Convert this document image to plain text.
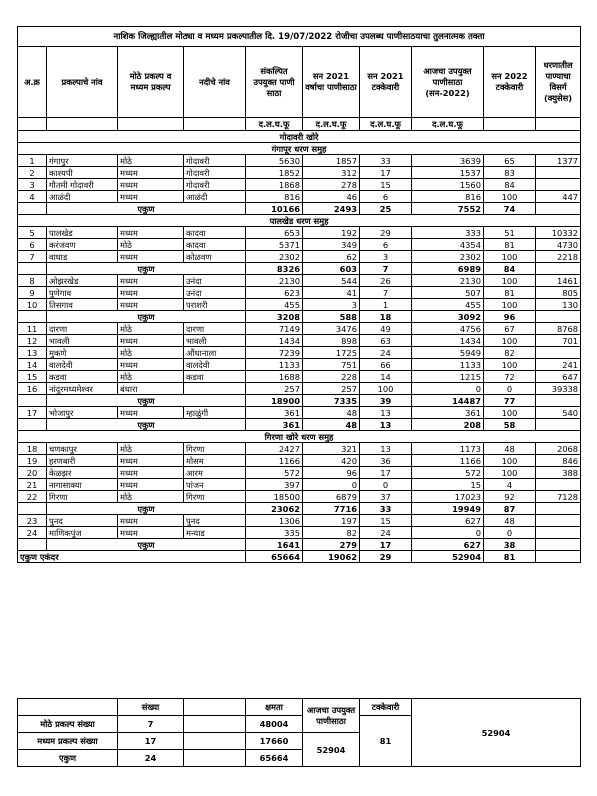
नाशिक जिल्ह्यातील मोठ्या व मध्यम प्रकल्पातील दि. 19/07/2022 रोजीचा उपलब्ध पाणीसाठयाचा तुलनात्मक तक्ता									
अ.क्र	प्रकल्पाचे नांव	मोठे प्रकल्प व मध्यम प्रकल्प	नदीचे नांव	संकल्पित उपयुक्त पाणी साठा	सन 2021 वर्षाचा पाणीसाठा	सन 2021 टक्केवारी	आजचा उपयुक्त पाणीसाठा (सन-2022)	सन 2022 टक्केवारी	धरणातील पाण्याचा विसर्ग (क्युसेस)
				द.ल.घ.फू	द.ल.घ.फू	द.ल.घ.फू	द.ल.घ.फू		
गोदावरी खोरे									
गंगापूर धरण समुह									
1	गंगापुर	मोठे	गोदावरी	5630	1857	33	3639	65	1377
2	काश्यपी	मध्यम	गोदावरी	1852	312	17	1537	83	
3	गौतमी गोदावरी	मध्यम	गोदावरी	1868	278	15	1560	84	
4	आळंदी	मध्यम	आळंदी	816	46	6	816	100	447
	एकुण			10166	2493	25	7552	74	
पालखेड धरण समुह									
5	पालखेड	मध्यम	कादवा	653	192	29	333	51	10332
6	करंजवण	मोठे	कादवा	5371	349	6	4354	81	4730
7	वाघाड	मध्यम	कोळवण	2302	62	3	2302	100	2218
	एकुण			8326	603	7	6989	84	
8	ओझरखेड	मध्यम	उनंदा	2130	544	26	2130	100	1461
9	पुणेगाव	मध्यम	उनंदा	623	41	7	507	81	805
10	तिसगाव	मध्यम	पराशरी	455	3	1	455	100	130
	एकुण			3208	588	18	3092	96	
11	दारणा	मोठे	दारणा	7149	3476	49	4756	67	8768
12	भावली	मध्यम	भावली	1434	898	63	1434	100	701
13	मुकणे	मोठे	औंधानाला	7239	1725	24	5949	82	
14	वालदेवी	मध्यम	वालदेवी	1133	751	66	1133	100	241
15	कडवा	मोठे	कडवा	1688	228	14	1215	72	647
16	नांदुरमध्यमेश्वर	बंधारा		257	257	100	0	0	39338
	एकुण			18900	7335	39	14487	77	
17	भोजापुर	मध्यम	म्हाळुंगी	361	48	13	361	100	540
	एकुण			361	48	13	208	58	
गिरणा खोरे धरण समुह									
18	चणकापुर	मोठे	गिरणा	2427	321	13	1173	48	2068
19	हरणबारी	मध्यम	मोसम	1166	420	36	1166	100	846
20	केळझर	मध्यम	आरम	572	96	17	572	100	388
21	नागासाक्या	मध्यम	पांजन	397	0	0	15	4	
22	गिरणा	मोठे	गिरणा	18500	6879	37	17023	92	7128
	एकुण			23062	7716	33	19949	87	
23	पुनद	मध्यम	पुनद	1306	197	15	627	48	
24	माणिकपुंज	मध्यम	मन्याड	335	82	24	0	0	
	एकुण			1641	279	17	627	38	
एकुण एकंदर				65664	19062	29	52904	81	
	संख्या		क्षमता	आजचा उपयुक्त पाणीसाठा	टक्केवारी	52904
मोठे प्रकल्प संख्या	7		48004		81	
मध्यम प्रकल्प संख्या	17		17660	52904		
एकुण	24		65664			
